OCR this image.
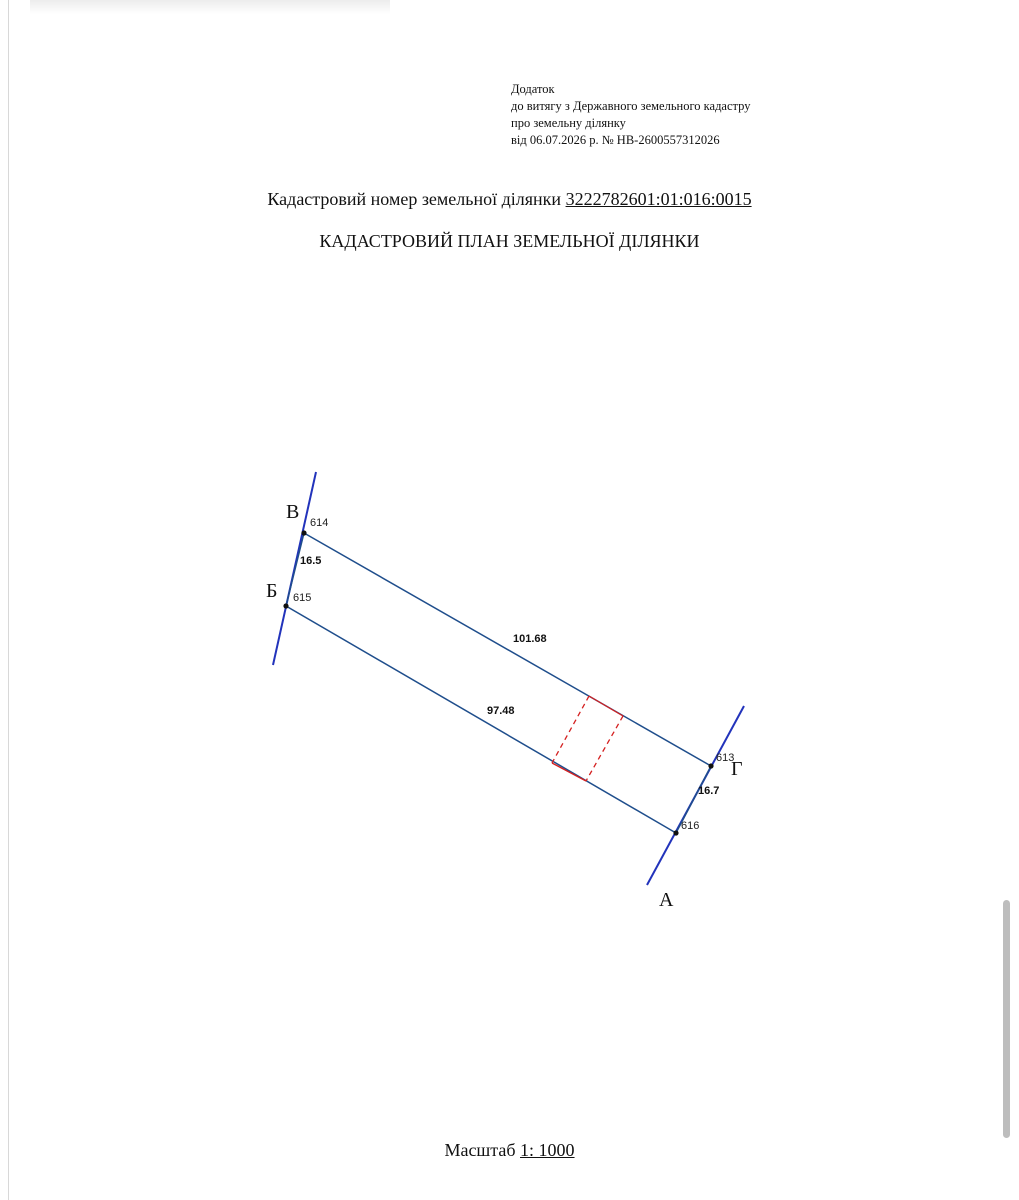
Додаток
до витягу з Державного земельного кадастру
про земельну ділянку
від 06.07.2026 р. № НВ-2600557312026
Кадастровий номер земельної ділянки 3222782601:01:016:0015
КАДАСТРОВИЙ ПЛАН ЗЕМЕЛЬНОЇ ДІЛЯНКИ
В
Б
Г
А
614
615
613
616
16.5
101.68
97.48
16.7
Масштаб 1: 1000
